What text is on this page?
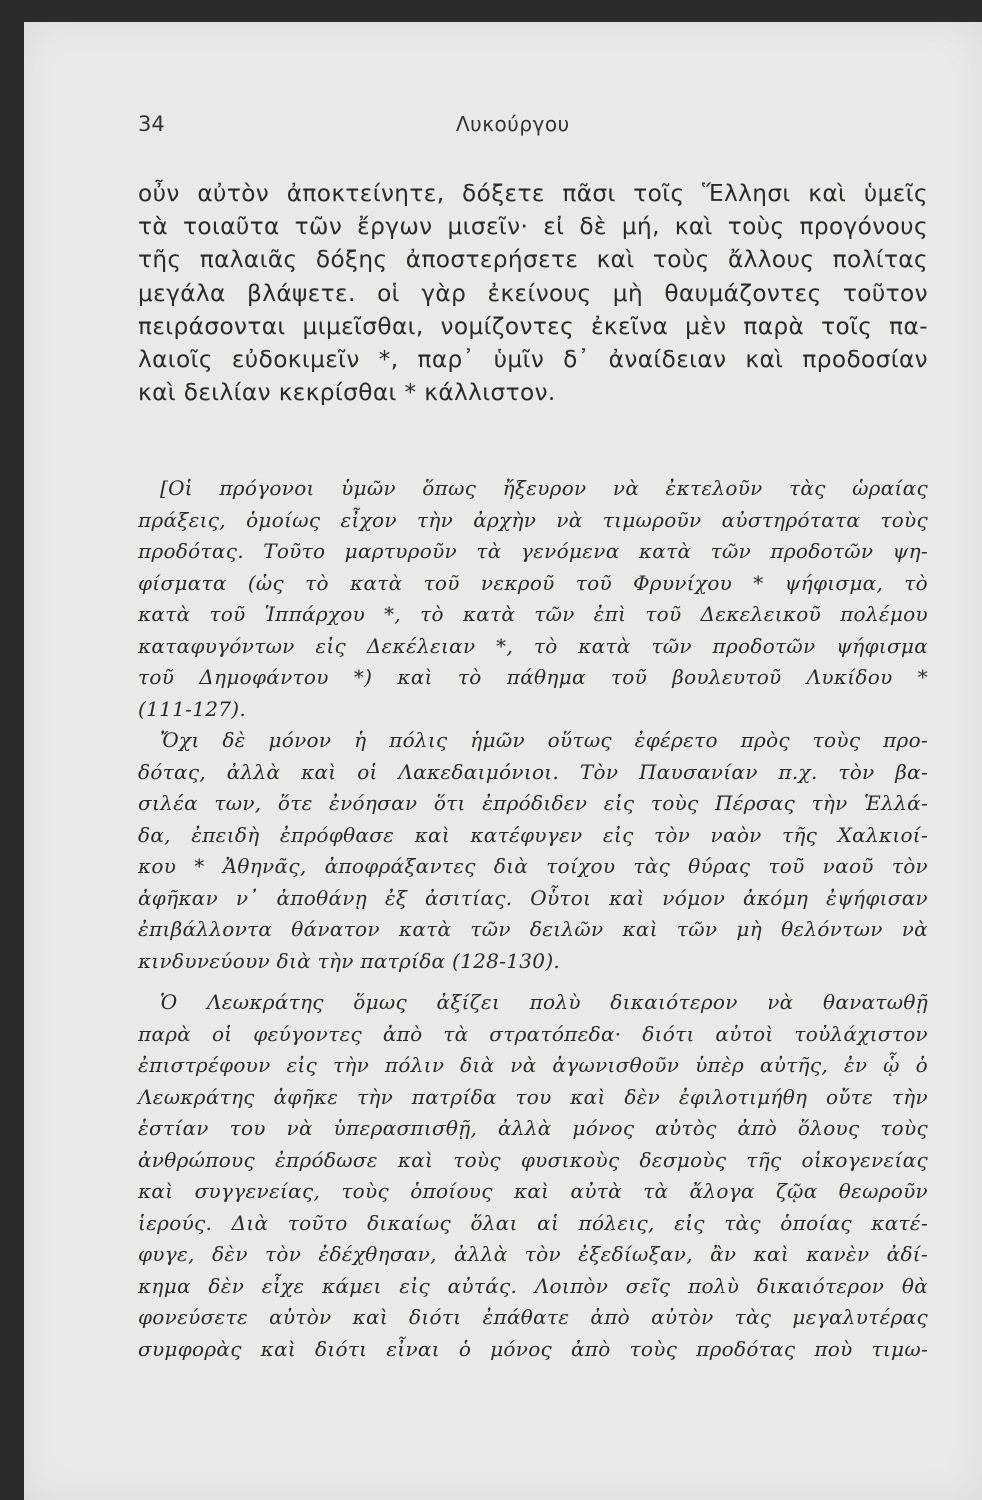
34	Λυκούργου
οὖν αὐτὸν ἀποκτείνητε, δόξετε πᾶσι τοῖς Ἕλλησι καὶ ὑμεῖς
τὰ τοιαῦτα τῶν ἔργων μισεῖν· εἰ δὲ μή, καὶ τοὺς προγόνους
τῆς παλαιᾶς δόξης ἀποστερήσετε καὶ τοὺς ἄλλους πολίτας
μεγάλα βλάψετε. οἱ γὰρ ἐκείνους μὴ θαυμάζοντες τοῦτον
πειράσονται μιμεῖσθαι, νομίζοντες ἐκεῖνα μὲν παρὰ τοῖς πα-
λαιοῖς εὐδοκιμεῖν *, παρ᾽ ὑμῖν δ᾽ ἀναίδειαν καὶ προδοσίαν
καὶ δειλίαν κεκρίσθαι * κάλλιστον.
[Οἱ πρόγονοι ὑμῶν ὅπως ἤξευρον νὰ ἐκτελοῦν τὰς ὡραίας
πράξεις, ὁμοίως εἶχον τὴν ἀρχὴν νὰ τιμωροῦν αὐστηρότατα τοὺς
προδότας. Τοῦτο μαρτυροῦν τὰ γενόμενα κατὰ τῶν προδοτῶν ψη-
φίσματα (ὡς τὸ κατὰ τοῦ νεκροῦ τοῦ Φρυνίχου * ψήφισμα, τὸ
κατὰ τοῦ Ἱππάρχου *, τὸ κατὰ τῶν ἐπὶ τοῦ Δεκελεικοῦ πολέμου
καταφυγόντων εἰς Δεκέλειαν *, τὸ κατὰ τῶν προδοτῶν ψήφισμα
τοῦ Δημοφάντου *) καὶ τὸ πάθημα τοῦ βουλευτοῦ Λυκίδου *
(111-127).
Ὄχι δὲ μόνον ἡ πόλις ἡμῶν οὕτως ἐφέρετο πρὸς τοὺς προ-
δότας, ἀλλὰ καὶ οἱ Λακεδαιμόνιοι. Τὸν Παυσανίαν π.χ. τὸν βα-
σιλέα των, ὅτε ἐνόησαν ὅτι ἐπρόδιδεν εἰς τοὺς Πέρσας τὴν Ἑλλά-
δα, ἐπειδὴ ἐπρόφθασε καὶ κατέφυγεν εἰς τὸν ναὸν τῆς Χαλκιοί-
κου * Ἀθηνᾶς, ἀποφράξαντες διὰ τοίχου τὰς θύρας τοῦ ναοῦ τὸν
ἀφῆκαν ν᾽ ἀποθάνῃ ἐξ ἀσιτίας. Οὗτοι καὶ νόμον ἀκόμη ἐψήφισαν
ἐπιβάλλοντα θάνατον κατὰ τῶν δειλῶν καὶ τῶν μὴ θελόντων νὰ
κινδυνεύουν διὰ τὴν πατρίδα (128-130).
Ὁ Λεωκράτης ὅμως ἀξίζει πολὺ δικαιότερον νὰ θανατωθῇ
παρὰ οἱ φεύγοντες ἀπὸ τὰ στρατόπεδα· διότι αὐτοὶ τοὐλάχιστον
ἐπιστρέφουν εἰς τὴν πόλιν διὰ νὰ ἀγωνισθοῦν ὑπὲρ αὐτῆς, ἐν ᾧ ὁ
Λεωκράτης ἀφῆκε τὴν πατρίδα του καὶ δὲν ἐφιλοτιμήθη οὔτε τὴν
ἑστίαν του νὰ ὑπερασπισθῇ, ἀλλὰ μόνος αὐτὸς ἀπὸ ὅλους τοὺς
ἀνθρώπους ἐπρόδωσε καὶ τοὺς φυσικοὺς δεσμοὺς τῆς οἰκογενείας
καὶ συγγενείας, τοὺς ὁποίους καὶ αὐτὰ τὰ ἄλογα ζῷα θεωροῦν
ἱερούς. Διὰ τοῦτο δικαίως ὅλαι αἱ πόλεις, εἰς τὰς ὁποίας κατέ-
φυγε, δὲν τὸν ἐδέχθησαν, ἀλλὰ τὸν ἐξεδίωξαν, ἂν καὶ κανὲν ἀδί-
κημα δὲν εἶχε κάμει εἰς αὐτάς. Λοιπὸν σεῖς πολὺ δικαιότερον θὰ
φονεύσετε αὐτὸν καὶ διότι ἐπάθατε ἀπὸ αὐτὸν τὰς μεγαλυτέρας
συμφορὰς καὶ διότι εἶναι ὁ μόνος ἀπὸ τοὺς προδότας ποὺ τιμω-
